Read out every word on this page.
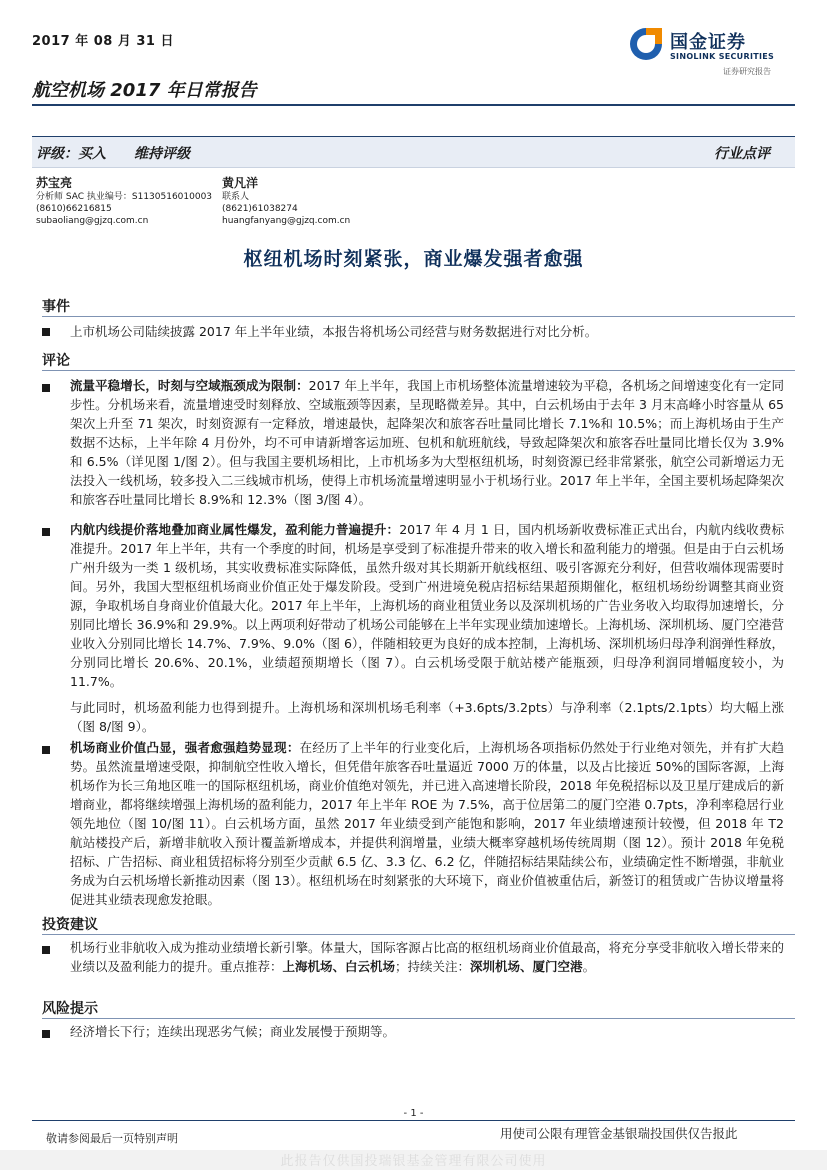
2017 年 08 月 31 日	国金证券
SINOLINK SECURITIES
证券研究报告
航空机场 2017 年日常报告
评级：买入 维持评级	行业点评
苏宝亮
分析师 SAC 执业编号：S1130516010003
(8610)66216815
subaoliang@gjzq.com.cn
黄凡洋
联系人
(8621)61038274
huangfanyang@gjzq.com.cn
枢纽机场时刻紧张，商业爆发强者愈强
事件
上市机场公司陆续披露 2017 年上半年业绩，本报告将机场公司经营与财务数据进行对比分析。
评论
流量平稳增长，时刻与空域瓶颈成为限制：2017 年上半年，我国上市机场整体流量增速较为平稳，各机场之间增速变化有一定同步性。分机场来看，流量增速受时刻释放、空域瓶颈等因素，呈现略微差异。其中，白云机场由于去年 3 月末高峰小时容量从 65 架次上升至 71 架次，时刻资源有一定释放，增速最快，起降架次和旅客吞吐量同比增长 7.1%和 10.5%；而上海机场由于生产数据不达标，上半年除 4 月份外，均不可申请新增客运加班、包机和航班航线，导致起降架次和旅客吞吐量同比增长仅为 3.9%和 6.5%（详见图 1/图 2）。但与我国主要机场相比，上市机场多为大型枢纽机场，时刻资源已经非常紧张，航空公司新增运力无法投入一线机场，较多投入二三线城市机场，使得上市机场流量增速明显小于机场行业。2017 年上半年，全国主要机场起降架次和旅客吞吐量同比增长 8.9%和 12.3%（图 3/图 4）。
内航内线提价落地叠加商业属性爆发，盈利能力普遍提升：2017 年 4 月 1 日，国内机场新收费标准正式出台，内航内线收费标准提升。2017 年上半年，共有一个季度的时间，机场是享受到了标准提升带来的收入增长和盈利能力的增强。但是由于白云机场广州升级为一类 1 级机场，其实收费标准实际降低，虽然升级对其长期新开航线枢纽、吸引客源充分利好，但营收端体现需要时间。另外，我国大型枢纽机场商业价值正处于爆发阶段。受到广州进境免税店招标结果超预期催化，枢纽机场纷纷调整其商业资源，争取机场自身商业价值最大化。2017 年上半年，上海机场的商业租赁业务以及深圳机场的广告业务收入均取得加速增长，分别同比增长 36.9%和 29.9%。以上两项利好带动了机场公司能够在上半年实现业绩加速增长。上海机场、深圳机场、厦门空港营业收入分别同比增长 14.7%、7.9%、9.0%（图 6），伴随相较更为良好的成本控制，上海机场、深圳机场归母净利润弹性释放，分别同比增长 20.6%、20.1%，业绩超预期增长（图 7）。白云机场受限于航站楼产能瓶颈，归母净利润同增幅度较小，为 11.7%。
与此同时，机场盈利能力也得到提升。上海机场和深圳机场毛利率（+3.6pts/3.2pts）与净利率（2.1pts/2.1pts）均大幅上涨（图 8/图 9）。
机场商业价值凸显，强者愈强趋势显现：在经历了上半年的行业变化后，上海机场各项指标仍然处于行业绝对领先，并有扩大趋势。虽然流量增速受限，抑制航空性收入增长，但凭借年旅客吞吐量逼近 7000 万的体量，以及占比接近 50%的国际客源，上海机场作为长三角地区唯一的国际枢纽机场，商业价值绝对领先，并已进入高速增长阶段，2018 年免税招标以及卫星厅建成后的新增商业，都将继续增强上海机场的盈利能力，2017 年上半年 ROE 为 7.5%，高于位居第二的厦门空港 0.7pts，净利率稳居行业领先地位（图 10/图 11）。白云机场方面，虽然 2017 年业绩受到产能饱和影响，2017 年业绩增速预计较慢，但 2018 年 T2 航站楼投产后，新增非航收入预计覆盖新增成本，并提供利润增量，业绩大概率穿越机场传统周期（图 12）。预计 2018 年免税招标、广告招标、商业租赁招标将分别至少贡献 6.5 亿、3.3 亿、6.2 亿，伴随招标结果陆续公布，业绩确定性不断增强，非航业务成为白云机场增长新推动因素（图 13）。枢纽机场在时刻紧张的大环境下，商业价值被重估后，新签订的租赁或广告协议增量将促进其业绩表现愈发抢眼。
投资建议
机场行业非航收入成为推动业绩增长新引擎。体量大，国际客源占比高的枢纽机场商业价值最高，将充分享受非航收入增长带来的业绩以及盈利能力的提升。重点推荐：上海机场、白云机场；持续关注：深圳机场、厦门空港。
风险提示
经济增长下行；连续出现恶劣气候；商业发展慢于预期等。
- 1 -
敬请参阅最后一页特别声明	用使司公限有理管金基银瑞投国供仅告报此
此报告仅供国投瑞银基金管理有限公司使用
